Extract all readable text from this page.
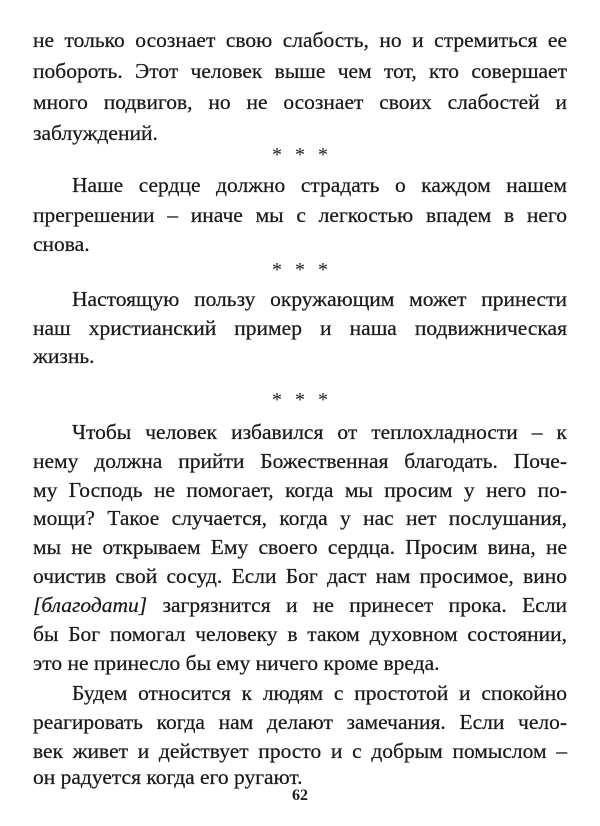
62
не только осознает свою слабость, но и стремиться ее
побороть. Этот человек выше чем тот, кто совершает
много подвигов, но не осознает своих слабостей и
заблуждений.
* * *
Наше сердце должно страдать о каждом нашем
прегрешении – иначе мы с легкостью впадем в него
снова.
* * *
Настоящую пользу окружающим может принести
наш христианский пример и наша подвижническая
жизнь.
* * *
Чтобы человек избавился от теплохладности – к
нему должна прийти Божественная благодать. Поче-
му Господь не помогает, когда мы просим у него по-
мощи? Такое случается, когда у нас нет послушания,
мы не открываем Ему своего сердца. Просим вина, не
очистив свой сосуд. Если Бог даст нам просимое, вино
[благодати] загрязнится и не принесет прока. Если
бы Бог помогал человеку в таком духовном состоянии,
это не принесло бы ему ничего кроме вреда.
Будем относится к людям с простотой и спокойно
реагировать когда нам делают замечания. Если чело-
век живет и действует просто и с добрым помыслом –
он радуется когда его ругают.
